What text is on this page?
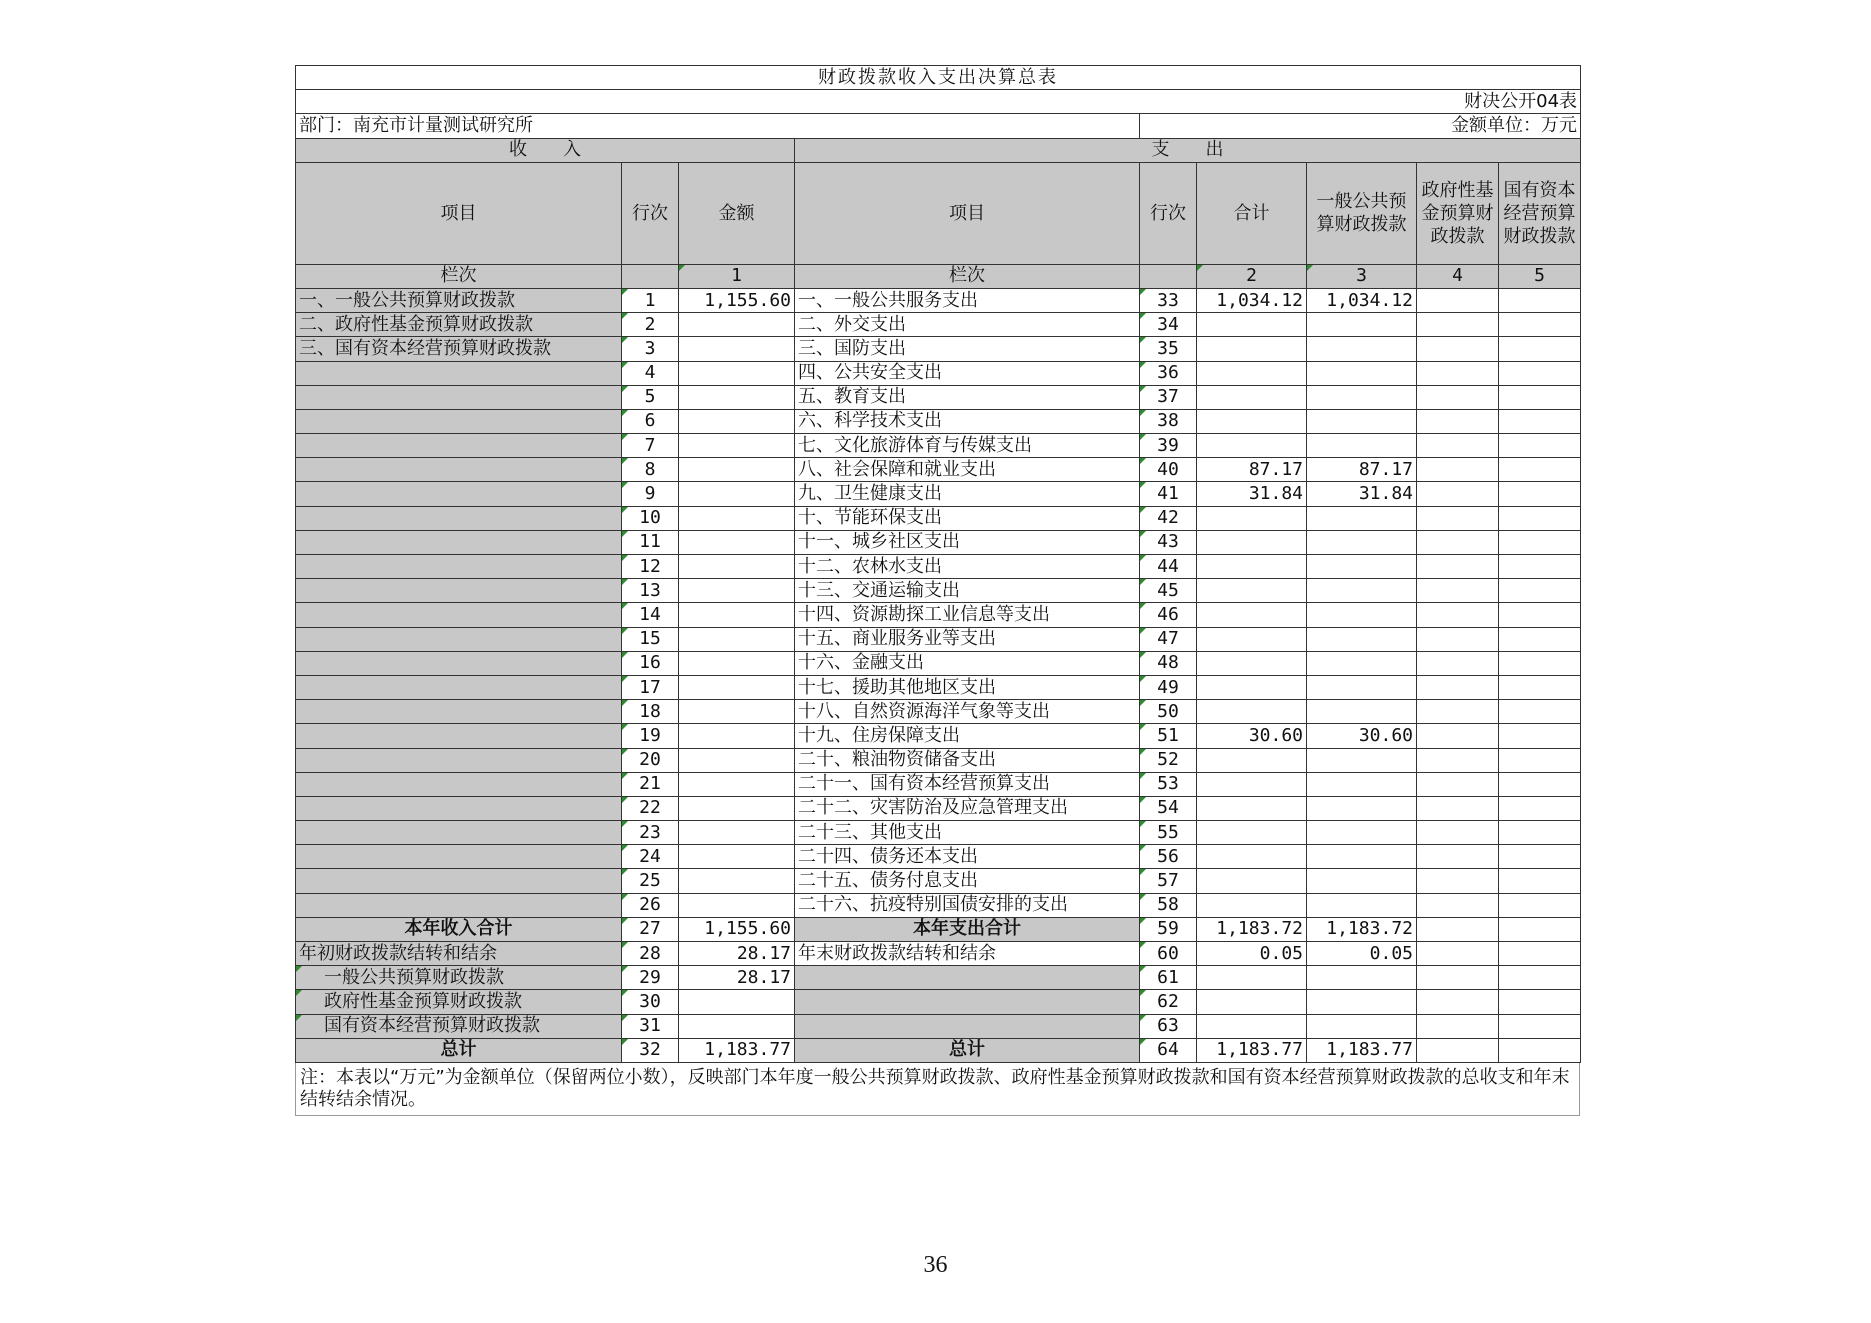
财政拨款收入支出决算总表								
财决公开04表								
部门：南充市计量测试研究所				金额单位：万元				
收　　入			支　　出					
项目	行次	金额	项目	行次	合计	一般公共预算财政拨款	政府性基金预算财政拨款	国有资本经营预算财政拨款
栏次		1	栏次		2	3	4	5
一、一般公共预算财政拨款	1	1,155.60	一、一般公共服务支出	33	1,034.12	1,034.12		
二、政府性基金预算财政拨款	2		二、外交支出	34				
三、国有资本经营预算财政拨款	3		三、国防支出	35				
	4		四、公共安全支出	36				
	5		五、教育支出	37				
	6		六、科学技术支出	38				
	7		七、文化旅游体育与传媒支出	39				
	8		八、社会保障和就业支出	40	87.17	87.17		
	9		九、卫生健康支出	41	31.84	31.84		
	10		十、节能环保支出	42				
	11		十一、城乡社区支出	43				
	12		十二、农林水支出	44				
	13		十三、交通运输支出	45				
	14		十四、资源勘探工业信息等支出	46				
	15		十五、商业服务业等支出	47				
	16		十六、金融支出	48				
	17		十七、援助其他地区支出	49				
	18		十八、自然资源海洋气象等支出	50				
	19		十九、住房保障支出	51	30.60	30.60		
	20		二十、粮油物资储备支出	52				
	21		二十一、国有资本经营预算支出	53				
	22		二十二、灾害防治及应急管理支出	54				
	23		二十三、其他支出	55				
	24		二十四、债务还本支出	56				
	25		二十五、债务付息支出	57				
	26		二十六、抗疫特别国债安排的支出	58				
本年收入合计	27	1,155.60	本年支出合计	59	1,183.72	1,183.72		
年初财政拨款结转和结余	28	28.17	年末财政拨款结转和结余	60	0.05	0.05		
一般公共预算财政拨款	29	28.17		61				
政府性基金预算财政拨款	30			62				
国有资本经营预算财政拨款	31			63				
总计	32	1,183.77	总计	64	1,183.77	1,183.77		
注：本表以“万元”为金额单位（保留两位小数），反映部门本年度一般公共预算财政拨款、政府性基金预算财政拨款和国有资本经营预算财政拨款的总收支和年末结转结余情况。
36
